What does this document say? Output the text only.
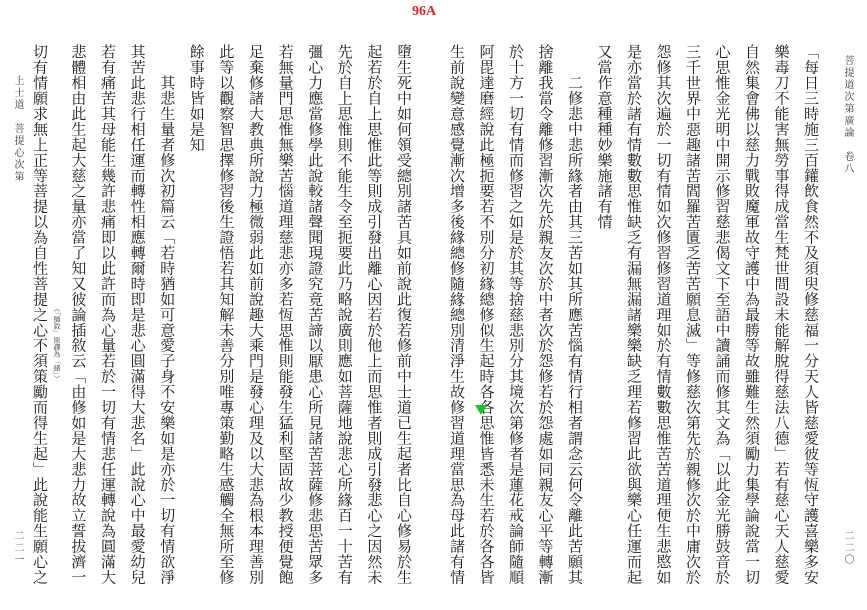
96A
菩提道次第廣論　卷八
二二〇
「每日三時施三百鑵飲食然不及須臾修慈福一分天人皆慈愛彼等恆守護喜樂多安
樂毒刀不能害無勞事得成當生梵世間設未能解脫得慈法八德」若有慈心天人慈愛
自然集會佛以慈力戰敗魔軍故守護中為最勝等故雖難生然須勵力集學論說當一切
心思惟金光明中開示修習慈悲偈文下至語中讀誦而修其文為「以此金光勝鼓音於
三千世界中惡趣諸苦閻羅苦匱乏苦苦願息滅」等修慈次第先於親修次於中庸次於
怨修其次遍於一切有情如次修習修習道理如於有情數數思惟苦苦道理便生悲愍如
是亦當於諸有情數數思惟缺乏有漏無漏諸樂樂缺乏理若修習此欲與樂心任運而起
又當作意種種妙樂施諸有情
　　二修悲中悲所緣者由其三苦如其所應苦惱有情行相者謂念云何令離此苦願其
捨離我當令離修習漸次先於親友次於中者次於怨修若於怨處如同親友心平等轉漸
於十方一切有情而修習之如是於其等捨慈悲別分其境次第修者是蓮花戒論師隨順
阿毘達磨經說此極扼要若不別分初緣總修似生起時各各思惟皆悉未生若於各各皆
生前說變意感覺漸次增多後緣總修隨緣總別清淨生故修習道理當思為母此諸有情
上士道　菩提心次第
二二一
（「插敘」原譯為「緒」）	墮生死中如何領受總別諸苦具如前說此復若修前中士道已生起者比自心修易於生
起若於自上思惟此等則成引發出離心因若於他上而思惟者則成引發悲心之因然未
先於自上思惟則不能生令至扼要此乃略說廣則應如菩薩地說悲心所緣百一十苦有
彊心力應當修學此說較諸聲聞現證究竟苦諦以厭患心所見諸苦菩薩修悲思苦眾多
若無量門思惟無樂苦惱道理慈悲亦多若恆思惟則能發生猛利堅固故少教授便覺飽
足棄修諸大教典所說力極微弱此如前說趣大乘門是發心理及以大悲為根本理善別
此等以觀察智思擇修習後生證悟若其知解未善分別唯專策勤略生感觸全無所至修
餘事時皆如是知
　　其悲生量者修次初篇云「若時猶如可意愛子身不安樂如是亦於一切有情欲淨
其苦此悲行相任運而轉性相應轉爾時即是悲心圓滿得大悲名」此說心中最愛幼兒
若有痛苦其母能生幾許悲痛即以此許而為心量若於一切有情悲任運轉說為圓滿大
悲體相由此生起大慈之量亦當了知又彼論插敘云「由修如是大悲力故立誓拔濟一
切有情願求無上正等菩提以為自性菩提之心不須策勵而得生起」此說能生願心之
